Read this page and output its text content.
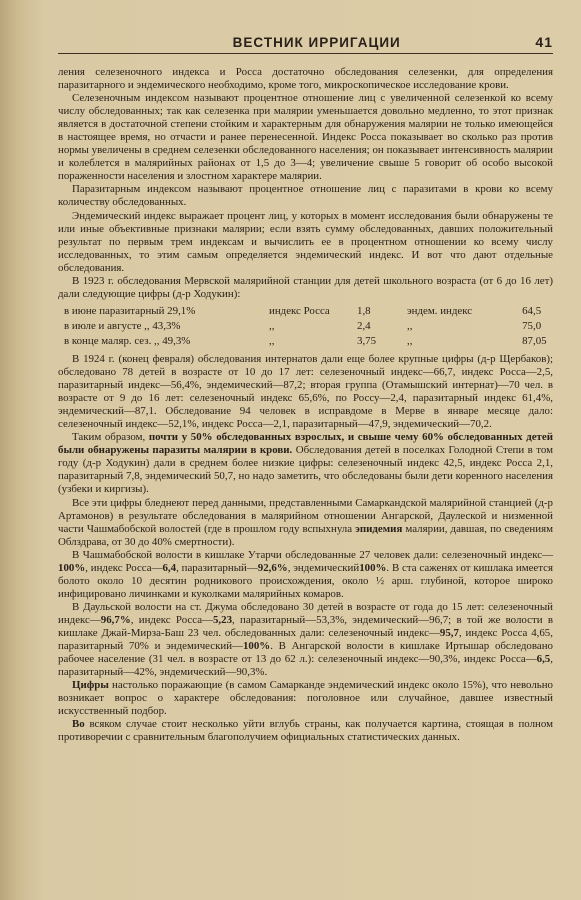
ВЕСТНИК ИРРИГАЦИИ	41

ления селезеночного индекса и Росса достаточно обследования селезенки, для определения паразитарного и эндемического необходимо, кроме того, микроскопическое исследование крови.

Селезеночным индексом называют процентное отношение лиц с увеличенной селезенкой ко всему числу обследованных; так как селезенка при малярии уменьшается довольно медленно, то этот признак является в достаточной степени стойким и характерным для обнаружения малярии не только имеющейся в настоящее время, но отчасти и ранее перенесенной. Индекс Росса показывает во сколько раз против нормы увеличены в среднем селезенки обследованного населения; он показывает интенсивность малярии и колеблется в малярийных районах от 1,5 до 3—4; увеличение свыше 5 говорит об особо высокой пораженности населения и злостном характере малярии.

Паразитарным индексом называют процентное отношение лиц с паразитами в крови ко всему количеству обследованных.

Эндемический индекс выражает процент лиц, у которых в момент исследования были обнаружены те или иные объективные признаки малярии; если взять сумму обследованных, давших положительный результат по первым трем индексам и вычислить ее в процентном отношении ко всему числу исследованных, то этим самым определяется эндемический индекс. И вот что дают отдельные обследования.

В 1923 г. обследования Мервской малярийной станции для детей школьного возраста (от 6 до 16 лет) дали следующие цифры (д-р Ходукин):

в июне паразитарный 29,1%	индекс Росса	1,8	эндем. индекс		64,5
в июле и августе ,, 43,3%	,,	2,4	,,		75,0
в конце маляр. сез. ,, 49,3%	,,	3,75	,,		87,05

В 1924 г. (конец февраля) обследования интернатов дали еще более крупные цифры (д-р Щербаков); обследовано 78 детей в возрасте от 10 до 17 лет: селезеночный индекс—66,7, индекс Росса—2,5, паразитарный индекс—56,4%, эндемический—87,2; вторая группа (Отамышский интернат)—70 чел. в возрасте от 9 до 16 лет: селезеночный индекс 65,6%, по Россу—2,4, паразитарный индекс 61,4%, эндемический—87,1. Обследование 94 человек в исправдоме в Мерве в январе месяце дало: селезеночный индекс—52,1%, индекс Росса—2,1, паразитарный—47,9, эндемический—70,2.

Таким образом, почти у 50% обследованных взрослых, и свыше чему 60% обследованных детей были обнаружены паразиты малярии в крови. Обследования детей в поселках Голодной Степи в том году (д-р Ходукин) дали в среднем более низкие цифры: селезеночный индекс 42,5, индекс Росса 2,1, паразитарный 7,8, эндемический 50,7, но надо заметить, что обследованы были дети коренного населения (узбеки и киргизы).

Все эти цифры бледнеют перед данными, представленными Самаркандской малярийной станцией (д-р Артамонов) в результате обследования в малярийном отношении Ангарской, Даулеской и низменной части Чашмабобской волостей (где в прошлом году вспыхнула эпидемия малярии, давшая, по сведениям Облздрава, от 30 до 40% смертности).

В Чашмабобской волости в кишлаке Утарчи обследованные 27 человек дали: селезеночный индекс—100%, индекс Росса—6,4, паразитарный—92,6%, эндемический100%. В ста саженях от кишлака имеется болото около 10 десятин родникового происхождения, около ½ арш. глубиной, которое широко инфицировано личинками и куколками малярийных комаров.

В Даульской волости на ст. Джума обследовано 30 детей в возрасте от года до 15 лет: селезеночный индекс—96,7%, индекс Росса—5,23, паразитарный—53,3%, эндемический—96,7; в той же волости в кишлаке Джай-Мирза-Баш 23 чел. обследованных дали: селезеночный индекс—95,7, индекс Росса 4,65, паразитарный 70% и эндемический—100%. В Ангарской волости в кишлаке Иртышар обследовано рабочее население (31 чел. в возрасте от 13 до 62 л.): селезеночный индекс—90,3%, индекс Росса—6,5, паразитарный—42%, эндемический—90,3%.

Цифры настолько поражающие (в самом Самарканде эндемический индекс около 15%), что невольно возникает вопрос о характере обследования: поголовное или случайное, давшее известный искусственный подбор.

Во всяком случае стоит несколько уйти вглубь страны, как получается картина, стоящая в полном противоречии с сравнительным благополучием официальных статистических данных.
